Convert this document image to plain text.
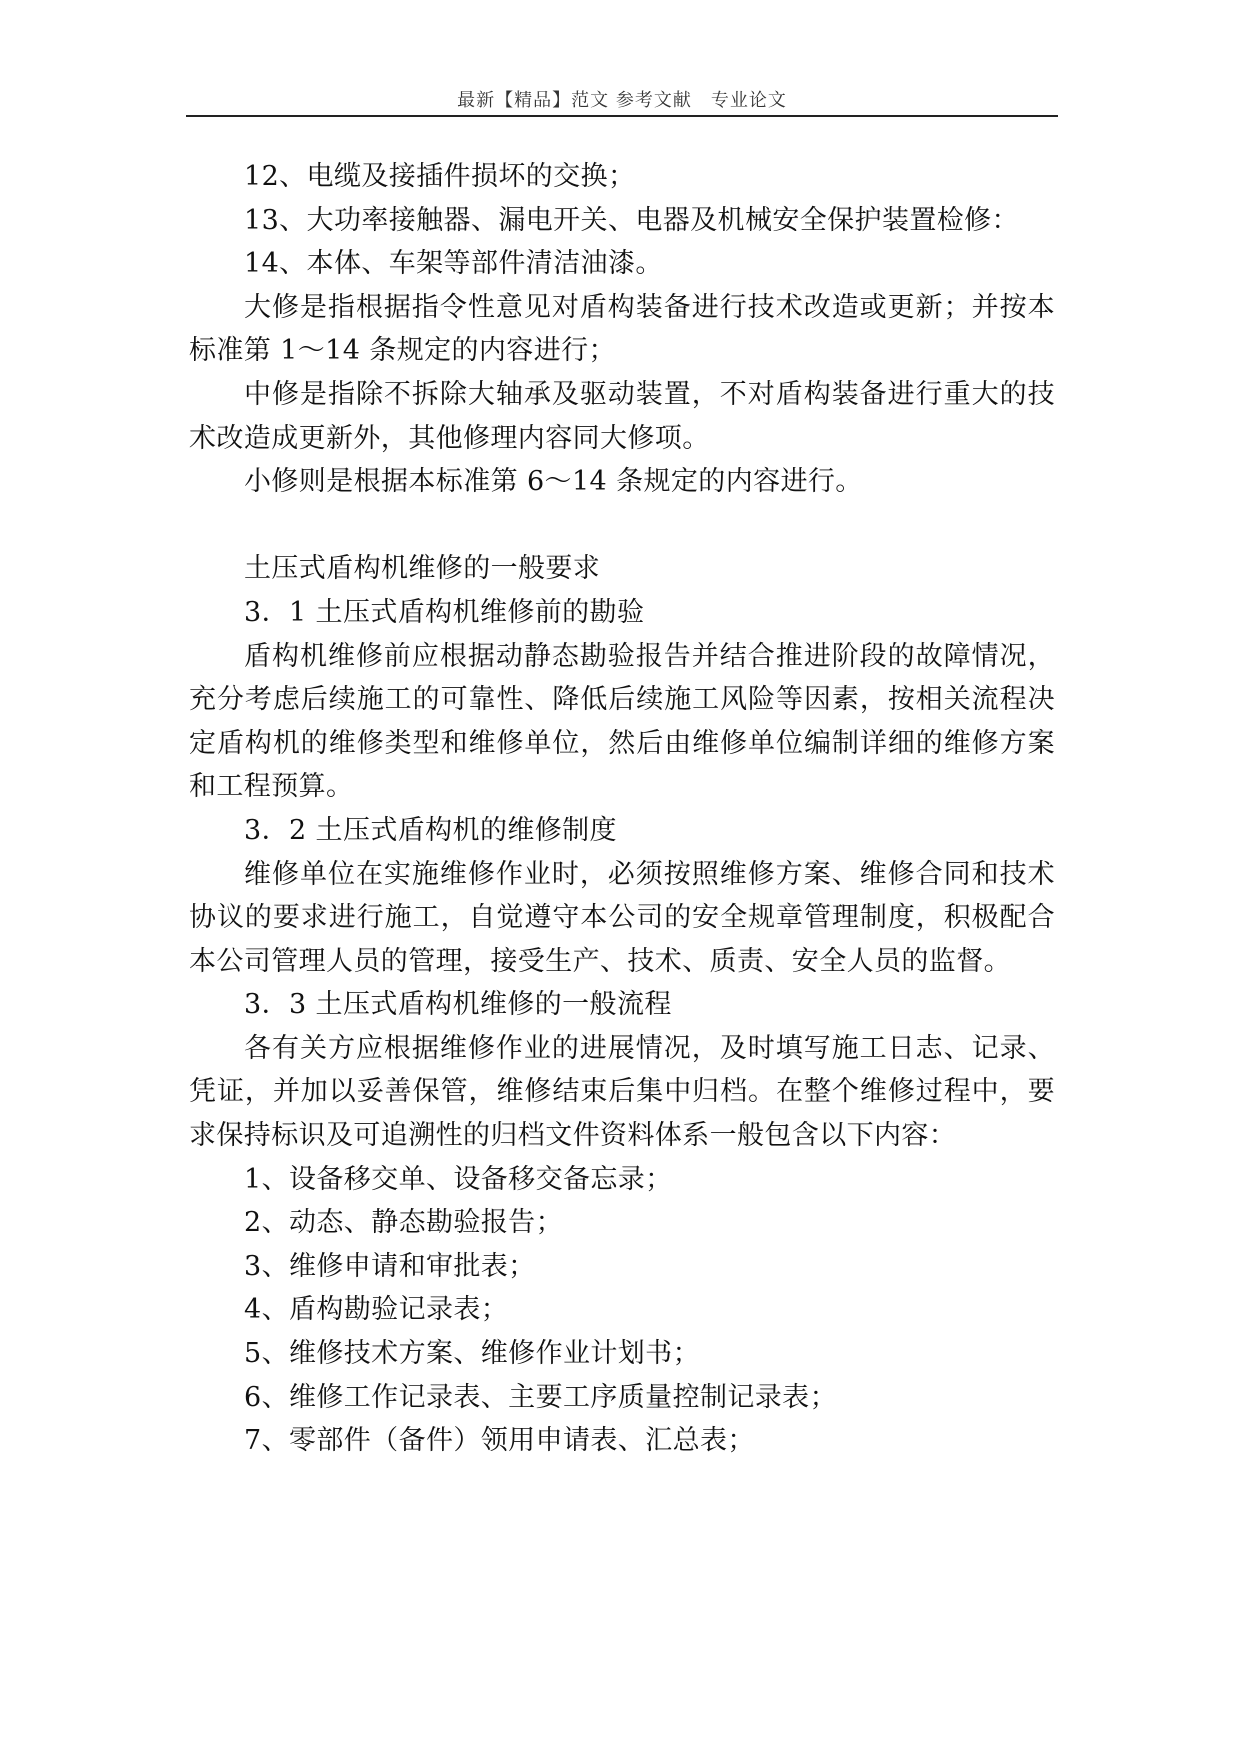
最新【精品】范文 参考文献　专业论文

12、电缆及接插件损坏的交换；

13、大功率接触器、漏电开关、电器及机械安全保护装置检修：

14、本体、车架等部件清洁油漆。

大修是指根据指令性意见对盾构装备进行技术改造或更新；并按本标准第 1～14 条规定的内容进行；

中修是指除不拆除大轴承及驱动装置，不对盾构装备进行重大的技术改造成更新外，其他修理内容同大修项。

小修则是根据本标准第 6～14 条规定的内容进行。

土压式盾构机维修的一般要求

3．1 土压式盾构机维修前的勘验

盾构机维修前应根据动静态勘验报告并结合推进阶段的故障情况，充分考虑后续施工的可靠性、降低后续施工风险等因素，按相关流程决定盾构机的维修类型和维修单位，然后由维修单位编制详细的维修方案和工程预算。

3．2 土压式盾构机的维修制度

维修单位在实施维修作业时，必须按照维修方案、维修合同和技术协议的要求进行施工，自觉遵守本公司的安全规章管理制度，积极配合本公司管理人员的管理，接受生产、技术、质责、安全人员的监督。

3．3 土压式盾构机维修的一般流程

各有关方应根据维修作业的进展情况，及时填写施工日志、记录、凭证，并加以妥善保管，维修结束后集中归档。在整个维修过程中，要求保持标识及可追溯性的归档文件资料体系一般包含以下内容：

1、设备移交单、设备移交备忘录；

2、动态、静态勘验报告；

3、维修申请和审批表；

4、盾构勘验记录表；

5、维修技术方案、维修作业计划书；

6、维修工作记录表、主要工序质量控制记录表；

7、零部件（备件）领用申请表、汇总表；
